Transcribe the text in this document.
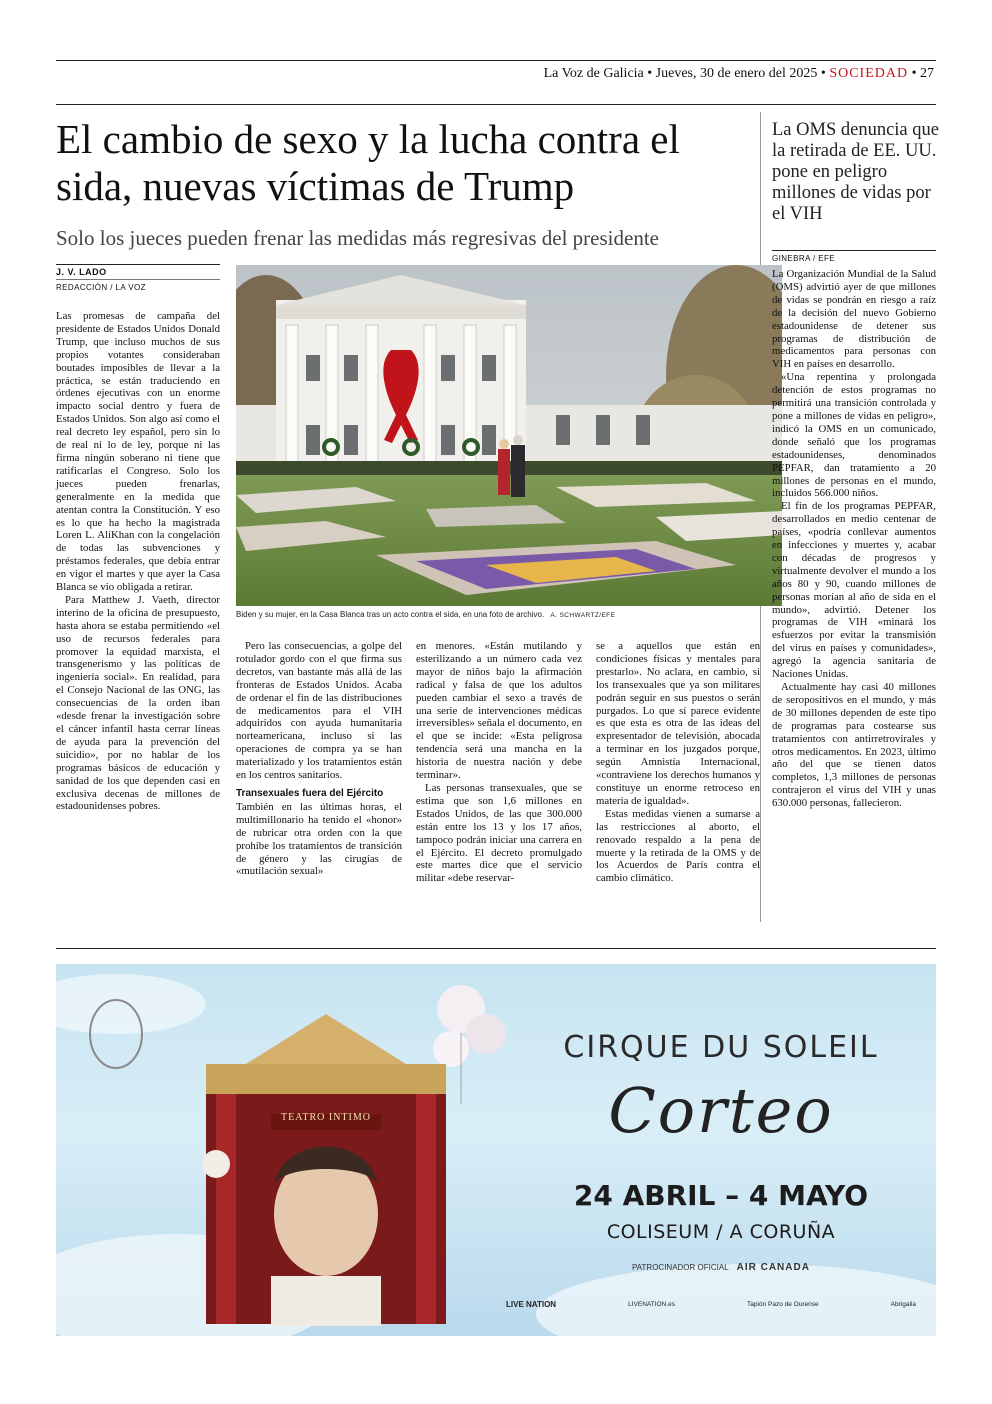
La Voz de Galicia • Jueves, 30 de enero del 2025 • SOCIEDAD • 27
El cambio de sexo y la lucha contra el sida, nuevas víctimas de Trump
Solo los jueces pueden frenar las medidas más regresivas del presidente
La OMS denuncia que la retirada de EE. UU. pone en peligro millones de vidas por el VIH
J. V. LADO
REDACCIÓN / LA VOZ

Las promesas de campaña del presidente de Estados Unidos Donald Trump, que incluso muchos de sus propios votantes consideraban boutades imposibles de llevar a la práctica, se están traduciendo en órdenes ejecutivas con un enorme impacto social dentro y fuera de Estados Unidos. Son algo así como el real decreto ley español, pero sin lo de real ni lo de ley, porque ni las firma ningún soberano ni tiene que ratificarlas el Congreso. Solo los jueces pueden frenarlas, generalmente en la medida que atentan contra la Constitución. Y eso es lo que ha hecho la magistrada Loren L. AliKhan con la congelación de todas las subvenciones y préstamos federales, que debía entrar en vigor el martes y que ayer la Casa Blanca se vio obligada a retirar.

Para Matthew J. Vaeth, director interino de la oficina de presupuesto, hasta ahora se estaba permitiendo «el uso de recursos federales para promover la equidad marxista, el transgenerismo y las políticas de ingeniería social». En realidad, para el Consejo Nacional de las ONG, las consecuencias de la orden iban «desde frenar la investigación sobre el cáncer infantil hasta cerrar líneas de ayuda para la prevención del suicidio», por no hablar de los programas básicos de educación y sanidad de los que dependen casi en exclusiva decenas de millones de estadounidenses pobres.

Biden y su mujer, en la Casa Blanca tras un acto contra el sida, en una foto de archivo. A. SCHWARTZ/EFE

Pero las consecuencias, a golpe del rotulador gordo con el que firma sus decretos, van bastante más allá de las fronteras de Estados Unidos. Acaba de ordenar el fin de las distribuciones de medicamentos para el VIH adquiridos con ayuda humanitaria norteamericana, incluso si las operaciones de compra ya se han materializado y los tratamientos están en los centros sanitarios.

Transexuales fuera del Ejército

También en las últimas horas, el multimillonario ha tenido el «honor» de rubricar otra orden con la que prohíbe los tratamientos de transición de género y las cirugías de «mutilación sexual»

en menores. «Están mutilando y esterilizando a un número cada vez mayor de niños bajo la afirmación radical y falsa de que los adultos pueden cambiar el sexo a través de una serie de intervenciones médicas irreversibles» señala el documento, en el que se incide: «Esta peligrosa tendencia será una mancha en la historia de nuestra nación y debe terminar».

Las personas transexuales, que se estima que son 1,6 millones en Estados Unidos, de las que 300.000 están entre los 13 y los 17 años, tampoco podrán iniciar una carrera en el Ejército. El decreto promulgado este martes dice que el servicio militar «debe reservar-

se a aquellos que están en condiciones físicas y mentales para prestarlo». No aclara, en cambio, si los transexuales que ya son militares podrán seguir en sus puestos o serán purgados. Lo que sí parece evidente es que esta es otra de las ideas del expresentador de televisión, abocada a terminar en los juzgados porque, según Amnistía Internacional, «contraviene los derechos humanos y constituye un enorme retroceso en materia de igualdad».

Estas medidas vienen a sumarse a las restricciones al aborto, el renovado respaldo a la pena de muerte y la retirada de la OMS y de los Acuerdos de París contra el cambio climático.

GINEBRA / EFE

La Organización Mundial de la Salud (OMS) advirtió ayer de que millones de vidas se pondrán en riesgo a raíz de la decisión del nuevo Gobierno estadounidense de detener sus programas de distribución de medicamentos para personas con VIH en países en desarrollo.

«Una repentina y prolongada detención de estos programas no permitirá una transición controlada y pone a millones de vidas en peligro», indicó la OMS en un comunicado, donde señaló que los programas estadounidenses, denominados PEPFAR, dan tratamiento a 20 millones de personas en el mundo, incluidos 566.000 niños.

El fin de los programas PEPFAR, desarrollados en medio centenar de países, «podría conllevar aumentos en infecciones y muertes y, acabar con décadas de progresos y virtualmente devolver el mundo a los años 80 y 90, cuando millones de personas morían al año de sida en el mundo», advirtió. Detener los programas de VIH «minará los esfuerzos por evitar la transmisión del virus en países y comunidades», agregó la agencia sanitaria de Naciones Unidas.

Actualmente hay casi 40 millones de seropositivos en el mundo, y más de 30 millones dependen de este tipo de programas para costearse sus tratamientos con antirretrovirales y otros medicamentos. En 2023, último año del que se tienen datos completos, 1,3 millones de personas contrajeron el virus del VIH y unas 630.000 personas, fallecieron.

TEATRO INTIMO
CIRQUE DU SOLEIL
Corteo
24 ABRIL – 4 MAYO
COLISEUM / A CORUÑA
PATROCINADOR OFICIAL AIR CANADA
LIVE NATION	LIVENATION.es	Tapión Pazo de Ourense	Abrigalia
